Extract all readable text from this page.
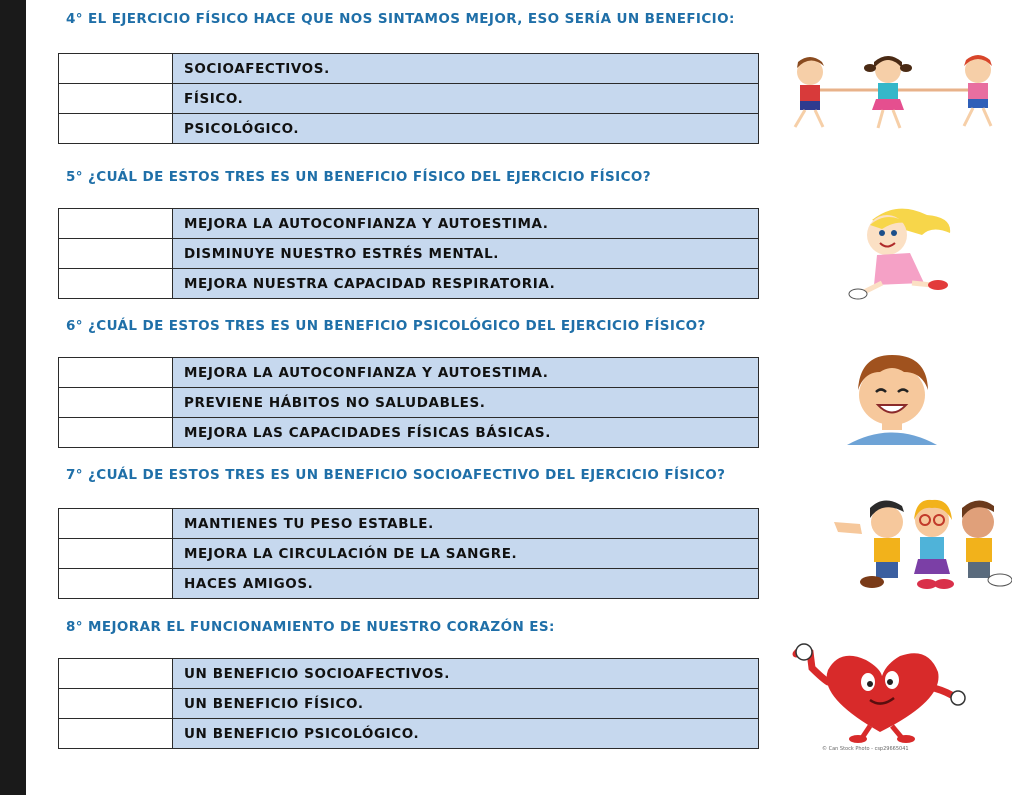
4° EL EJERCICIO FÍSICO HACE QUE NOS SINTAMOS MEJOR, ESO SERÍA UN BENEFICIO:
	SOCIOAFECTIVOS.
	FÍSICO.
	PSICOLÓGICO.
5° ¿CUÁL DE ESTOS TRES ES UN BENEFICIO FÍSICO DEL EJERCICIO FÍSICO?
	MEJORA LA AUTOCONFIANZA Y AUTOESTIMA.
	DISMINUYE NUESTRO ESTRÉS MENTAL.
	MEJORA NUESTRA CAPACIDAD RESPIRATORIA.
6° ¿CUÁL DE ESTOS TRES ES UN BENEFICIO PSICOLÓGICO DEL EJERCICIO FÍSICO?
	MEJORA LA AUTOCONFIANZA Y AUTOESTIMA.
	PREVIENE HÁBITOS NO SALUDABLES.
	MEJORA LAS CAPACIDADES FÍSICAS BÁSICAS.
7° ¿CUÁL DE ESTOS TRES ES UN BENEFICIO SOCIOAFECTIVO DEL EJERCICIO FÍSICO?
	MANTIENES TU PESO ESTABLE.
	MEJORA LA CIRCULACIÓN DE LA SANGRE.
	HACES AMIGOS.
8° MEJORAR EL FUNCIONAMIENTO DE NUESTRO CORAZÓN ES:
	UN BENEFICIO SOCIOAFECTIVOS.
	UN BENEFICIO FÍSICO.
	UN BENEFICIO PSICOLÓGICO.
© Can Stock Photo - csp29665041
